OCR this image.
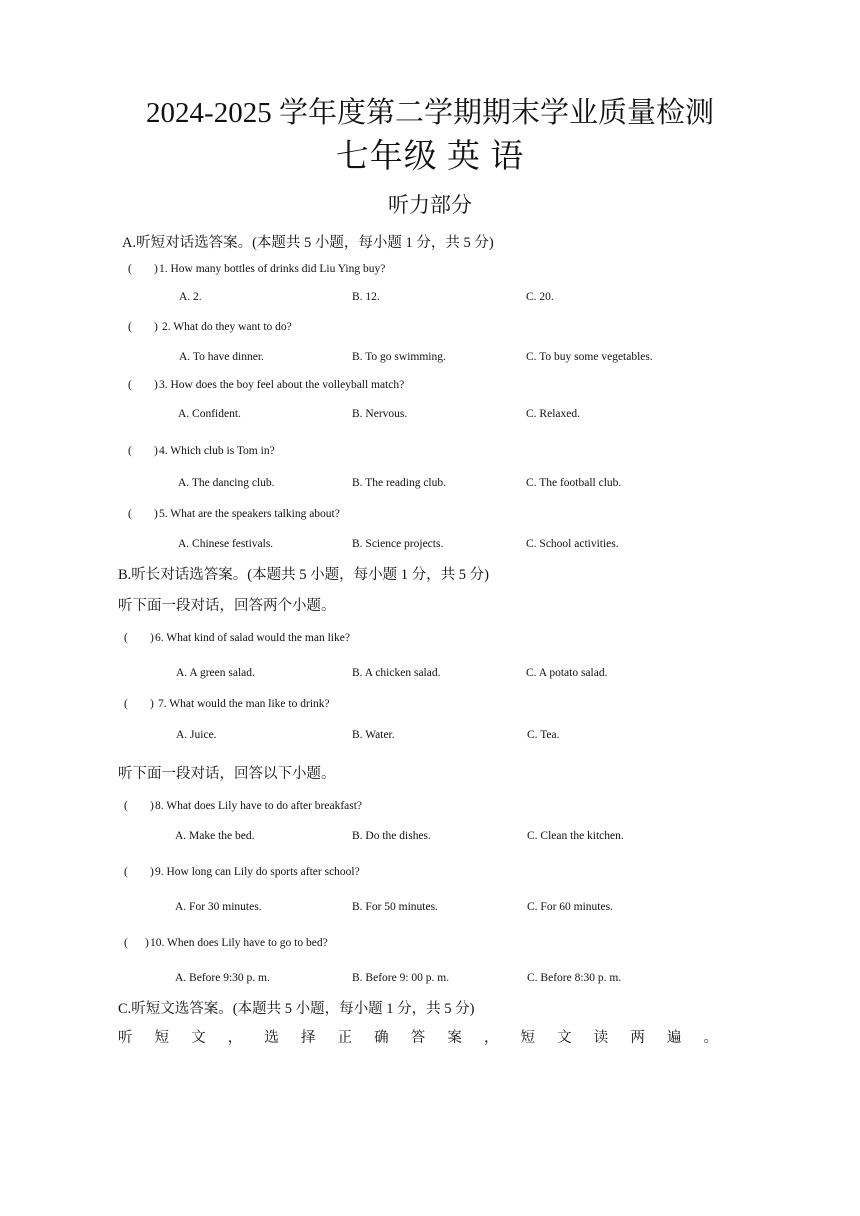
2024-2025 学年度第二学期期末学业质量检测
七年级 英 语
听力部分
A.听短对话选答案。(本题共 5 小题，每小题 1 分，共 5 分)
( ) 1. How many bottles of drinks did Liu Ying buy?
A. 2.	B. 12.	C. 20.
( ) 2. What do they want to do?
A. To have dinner.	B. To go swimming.	C. To buy some vegetables.
( ) 3. How does the boy feel about the volleyball match?
A. Confident.	B. Nervous.	C. Relaxed.
( ) 4. Which club is Tom in?
A. The dancing club.	B. The reading club.	C. The football club.
( ) 5. What are the speakers talking about?
A. Chinese festivals.	B. Science projects.	C. School activities.
B.听长对话选答案。(本题共 5 小题，每小题 1 分，共 5 分)
听下面一段对话，回答两个小题。
( ) 6. What kind of salad would the man like?
A. A green salad.	B. A chicken salad.	C. A potato salad.
( ) 7. What would the man like to drink?
A. Juice.	B. Water.	C. Tea.
听下面一段对话，回答以下小题。
( ) 8. What does Lily have to do after breakfast?
A. Make the bed.	B. Do the dishes.	C. Clean the kitchen.
( ) 9. How long can Lily do sports after school?
A. For 30 minutes.	B. For 50 minutes.	C. For 60 minutes.
( ) 10. When does Lily have to go to bed?
A. Before 9:30 p. m.	B. Before 9: 00 p. m.	C. Before 8:30 p. m.
C.听短文选答案。(本题共 5 小题，每小题 1 分，共 5 分)
听 短 文 ， 选 择 正 确 答 案 ， 短 文 读 两 遍 。
